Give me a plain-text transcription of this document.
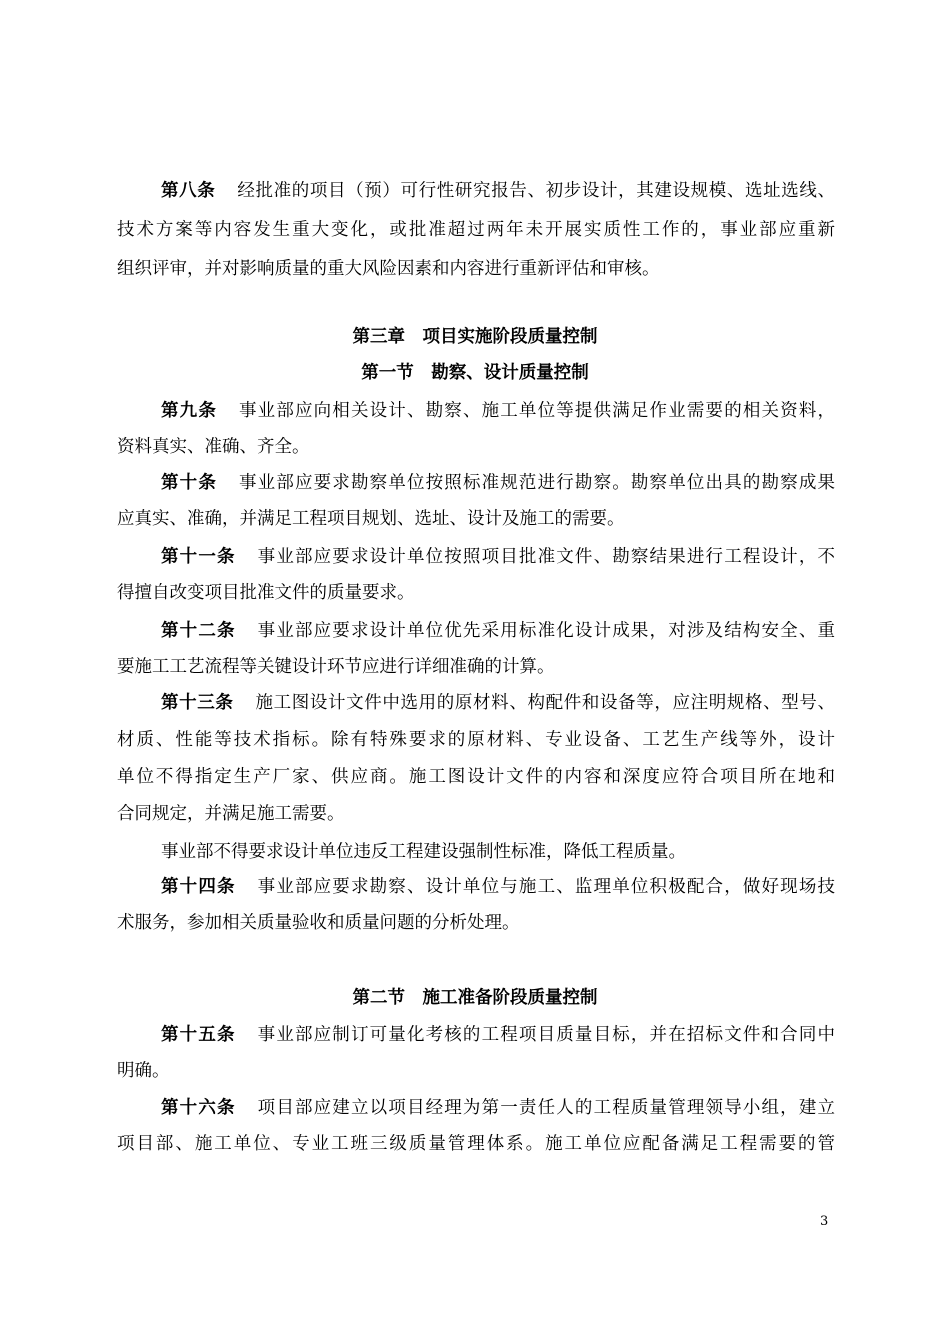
第八条 经批准的项目（预）可行性研究报告、初步设计，其建设规模、选址选线、
技术方案等内容发生重大变化，或批准超过两年未开展实质性工作的，事业部应重新
组织评审，并对影响质量的重大风险因素和内容进行重新评估和审核。
第三章　项目实施阶段质量控制
第一节　勘察、设计质量控制
第九条 事业部应向相关设计、勘察、施工单位等提供满足作业需要的相关资料，
资料真实、准确、齐全。
第十条 事业部应要求勘察单位按照标准规范进行勘察。勘察单位出具的勘察成果
应真实、准确，并满足工程项目规划、选址、设计及施工的需要。
第十一条 事业部应要求设计单位按照项目批准文件、勘察结果进行工程设计，不
得擅自改变项目批准文件的质量要求。
第十二条 事业部应要求设计单位优先采用标准化设计成果，对涉及结构安全、重
要施工工艺流程等关键设计环节应进行详细准确的计算。
第十三条 施工图设计文件中选用的原材料、构配件和设备等，应注明规格、型号、
材质、性能等技术指标。除有特殊要求的原材料、专业设备、工艺生产线等外，设计
单位不得指定生产厂家、供应商。施工图设计文件的内容和深度应符合项目所在地和
合同规定，并满足施工需要。
事业部不得要求设计单位违反工程建设强制性标准，降低工程质量。
第十四条 事业部应要求勘察、设计单位与施工、监理单位积极配合，做好现场技
术服务，参加相关质量验收和质量问题的分析处理。
第二节　施工准备阶段质量控制
第十五条 事业部应制订可量化考核的工程项目质量目标，并在招标文件和合同中
明确。
第十六条 项目部应建立以项目经理为第一责任人的工程质量管理领导小组，建立
项目部、施工单位、专业工班三级质量管理体系。施工单位应配备满足工程需要的管
3
